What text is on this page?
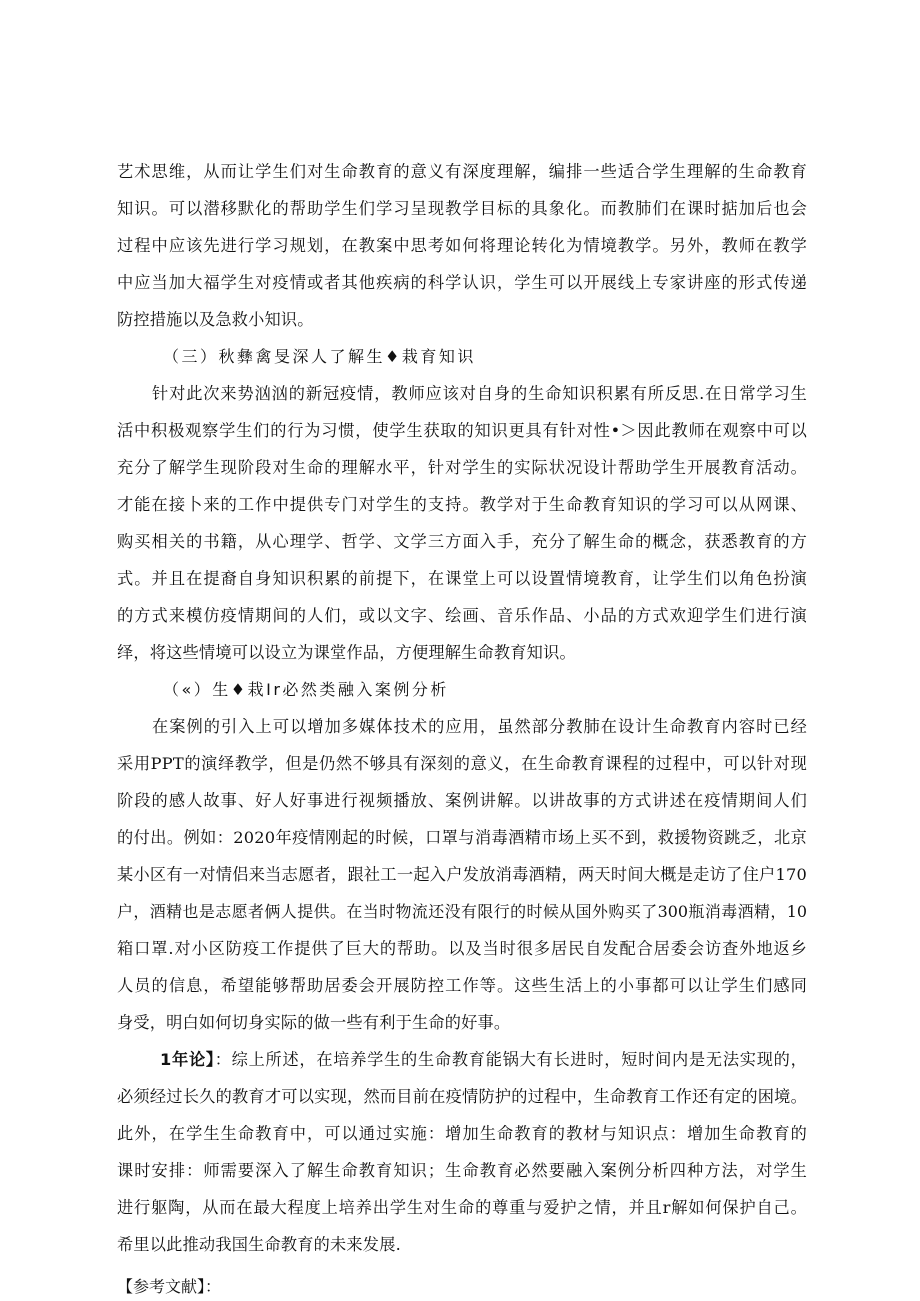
艺术思维，从而让学生们对生命教育的意义有深度理解，编排一些适合学生理解的生命教育
知识。可以潜移默化的帮助学生们学习呈现教学目标的具象化。而教肺们在课时掂加后也会
过程中应该先进行学习规划，在教案中思考如何将理论转化为情境教学。另外，教师在教学
中应当加大福学生对疫情或者其他疾病的科学认识，学生可以开展线上专家讲座的形式传递
防控措施以及急救小知识。
（三）秋彝禽旻深人了解生♦栽育知识
针对此次来势汹汹的新冠疫情，教师应该对自身的生命知识积累有所反思.在日常学习生
活中积极观察学生们的行为习惯，使学生获取的知识更具有针对性•＞因此教师在观察中可以
充分了解学生现阶段对生命的理解水平，针对学生的实际状况设计帮助学生开展教育活动。
才能在接卜来的工作中提供专门对学生的支持。教学对于生命教育知识的学习可以从网课、
购买相关的书籍，从心理学、哲学、文学三方面入手，充分了解生命的概念，获悉教育的方
式。并且在提裔自身知识积累的前提下，在课堂上可以设置情境教育，让学生们以角色扮演
的方式来模仿疫情期间的人们，或以文字、绘画、音乐作品、小品的方式欢迎学生们进行演
绎，将这些情境可以设立为课堂作品，方便理解生命教育知识。
（«）生♦栽Ir必然类融入案例分析
在案例的引入上可以增加多媒体技术的应用，虽然部分教肺在设计生命教育内容时已经
采用PPT的演绎教学，但是仍然不够具有深刻的意义，在生命教育课程的过程中，可以针对现
阶段的感人故事、好人好事进行视频播放、案例讲解。以讲故事的方式讲述在疫情期间人们
的付出。例如：2020年疫情刚起的时候，口罩与消毒酒精市场上买不到，救援物资跳乏，北京
某小区有一对情侣来当志愿者，跟社工一起入户发放消毒酒精，两天时间大概是走访了住户170
户，酒精也是志愿者俩人提供。在当时物流还没有限行的时候从国外购买了300瓶消毒酒精，10
箱口罩.对小区防疫工作提供了巨大的帮助。以及当时很多居民自发配合居委会访査外地返乡
人员的信息，希望能够帮助居委会开展防控工作等。这些生活上的小事都可以让学生们感同
身受，明白如何切身实际的做一些有利于生命的好事。
1年论】：综上所述，在培养学生的生命教育能锅大有长进时，短时间内是无法实现的，
必须经过长久的教育才可以实现，然而目前在疫情防护的过程中，生命教育工作还有定的困境。
此外，在学生生命教育中，可以通过实施：增加生命教育的教材与知识点：增加生命教育的
课时安排：师需要深入了解生命教育知识；生命教育必然要融入案例分析四种方法，对学生
进行躯陶，从而在最大程度上培养出学生对生命的尊重与爱护之情，并且r解如何保护自己。
希里以此推动我国生命教育的未来发展.
【参考文献】：
